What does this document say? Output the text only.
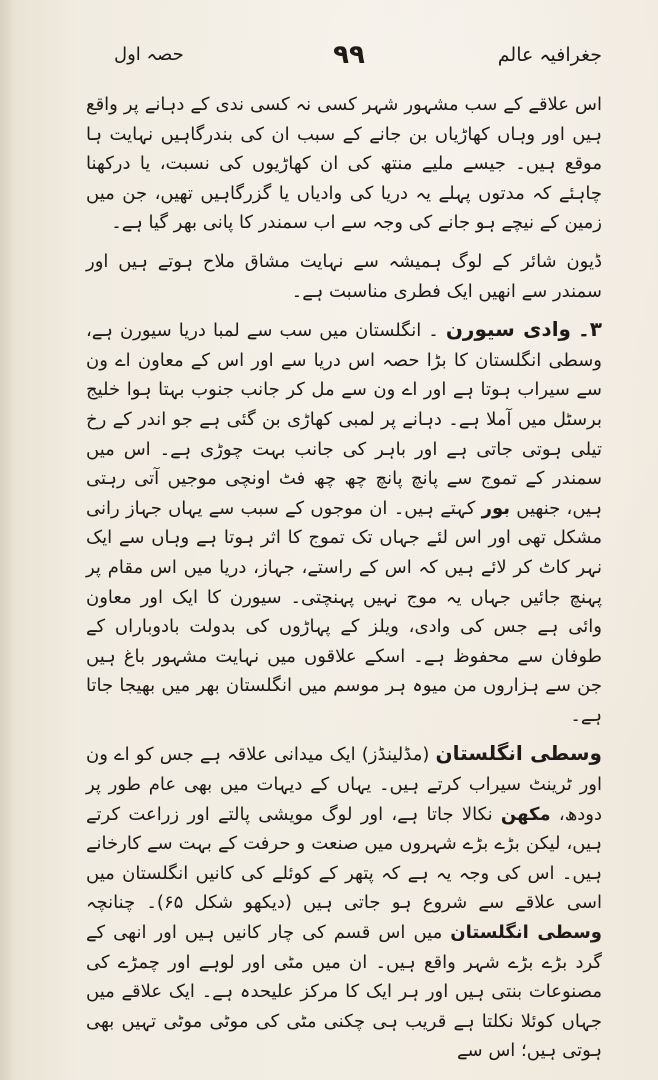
حصہ اول	۹۹	جغرافیہ عالم

اس علاقے کے سب مشہور شہر کسی نہ کسی ندی کے دہانے پر واقع ہیں اور وہاں کھاڑیاں بن جانے کے سبب ان کی بندرگاہیں نہایت ہا موقع ہیں۔ جیسے ملیے منتھ کی ان کھاڑیوں کی نسبت، یا درکھنا چاہئے کہ مدتوں پہلے یہ دریا کی وادیاں یا گزرگاہیں تھیں، جن میں زمین کے نیچے ہو جانے کی وجہ سے اب سمندر کا پانی بھر گیا ہے۔

ڈیون شائر کے لوگ ہمیشہ سے نہایت مشاق ملاح ہوتے ہیں اور سمندر سے انھیں ایک فطری مناسبت ہے۔

۳۔ وادی سیورن ۔ انگلستان میں سب سے لمبا دریا سیورن ہے، وسطی انگلستان کا بڑا حصہ اس دریا سے اور اس کے معاون اے ون سے سیراب ہوتا ہے اور اے ون سے مل کر جانب جنوب بہتا ہوا خلیج برسٹل میں آملا ہے۔ دہانے پر لمبی کھاڑی بن گئی ہے جو اندر کے رخ تیلی ہوتی جاتی ہے اور باہر کی جانب بہت چوڑی ہے۔ اس میں سمندر کے تموج سے پانچ پانچ چھ چھ فٹ اونچی موجیں آتی رہتی ہیں، جنھیں بور کہتے ہیں۔ ان موجوں کے سبب سے یہاں جہاز رانی مشکل تھی اور اس لئے جہاں تک تموج کا اثر ہوتا ہے وہاں سے ایک نہر کاٹ کر لائے ہیں کہ اس کے راستے، جہاز، دریا میں اس مقام پر پہنچ جائیں جہاں یہ موج نہیں پہنچتی۔ سیورن کا ایک اور معاون وائی ہے جس کی وادی، ویلز کے پہاڑوں کی بدولت بادوباراں کے طوفان سے محفوظ ہے۔ اسکے علاقوں میں نہایت مشہور باغ ہیں جن سے ہزاروں من میوہ ہر موسم میں انگلستان بھر میں بھیجا جاتا ہے۔

وسطی انگلستان (مڈلینڈز) ایک میدانی علاقہ ہے جس کو اے ون اور ٹرینٹ سیراب کرتے ہیں۔ یہاں کے دیہات میں بھی عام طور پر دودھ، مکھن نکالا جاتا ہے، اور لوگ مویشی پالتے اور زراعت کرتے ہیں، لیکن بڑے بڑے شہروں میں صنعت و حرفت کے بہت سے کارخانے ہیں۔ اس کی وجہ یہ ہے کہ پتھر کے کوئلے کی کانیں انگلستان میں اسی علاقے سے شروع ہو جاتی ہیں (دیکھو شکل ۶۵)۔ چنانچہ وسطی انگلستان میں اس قسم کی چار کانیں ہیں اور انھی کے گرد بڑے بڑے شہر واقع ہیں۔ ان میں مٹی اور لوہے اور چمڑے کی مصنوعات بنتی ہیں اور ہر ایک کا مرکز علیحدہ ہے۔ ایک علاقے میں جہاں کوئلا نکلتا ہے قریب ہی چکنی مٹی کی موٹی موٹی تہیں بھی ہوتی ہیں؛ اس سے
